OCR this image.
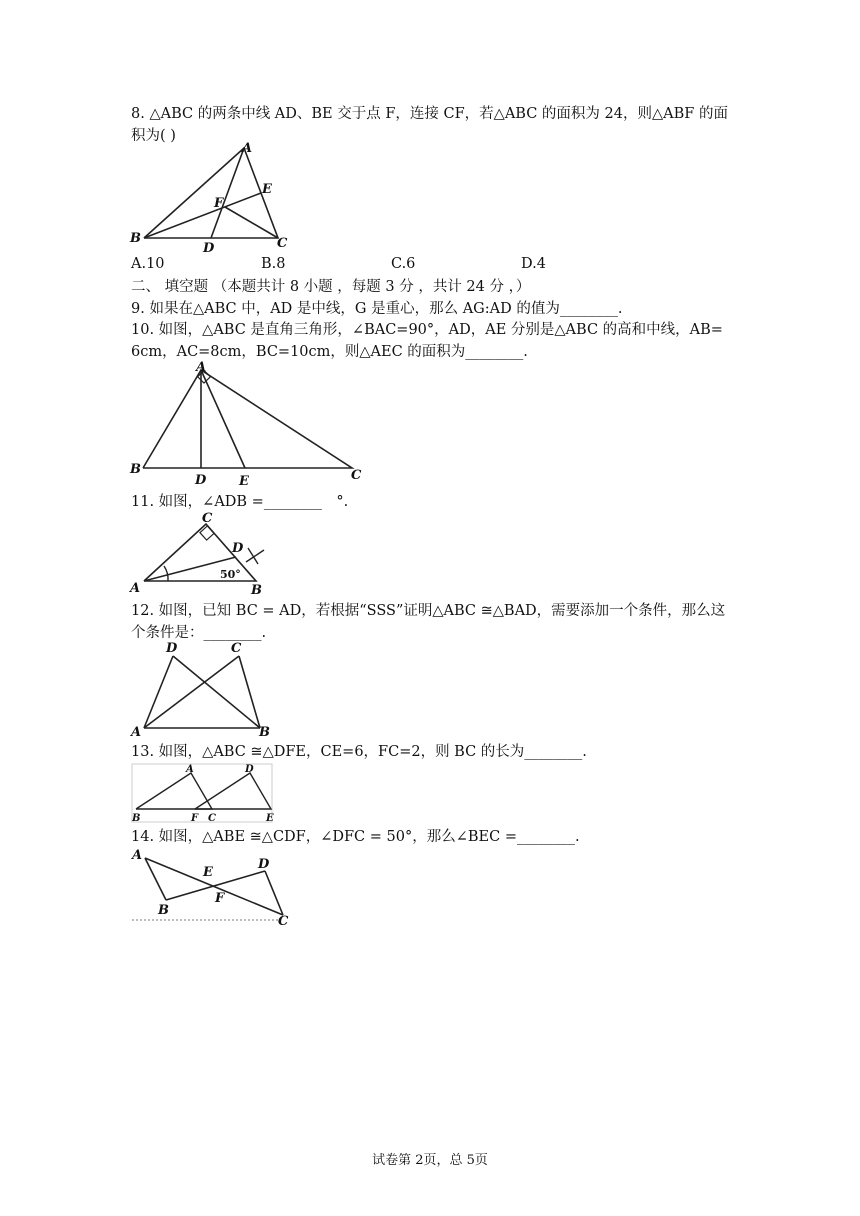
8. △ABC 的两条中线 AD、BE 交于点 F，连接 CF，若△ABC 的面积为 24，则△ABF 的面
积为( )
A
B	C
D
E
F
A.10	B.8	C.6	D.4
二、 填空题 （本题共计 8 小题 ，每题 3 分 ，共计 24 分 ，）
9. 如果在△ABC 中，AD 是中线，G 是重心，那么 AG:AD 的值为________.
10. 如图，△ABC 是直角三角形，∠BAC=90°，AD，AE 分别是△ABC 的高和中线，AB=
6cm，AC=8cm，BC=10cm，则△AEC 的面积为________.
A
B	C
D	E
11. 如图，∠ADB =________　°.
C
D
A	B
50°
12. 如图，已知 BC = AD，若根据“SSS”证明△ABC ≅△BAD，需要添加一个条件，那么这
个条件是：________.
D	C
A	B
13. 如图，△ABC ≅△DFE，CE=6，FC=2，则 BC 的长为________.
A	D
B	F C	E
14. 如图，△ABE ≅△CDF，∠DFC = 50°，那么∠BEC =________.
A
B
E
F
D
C
试卷第 2页，总 5页
